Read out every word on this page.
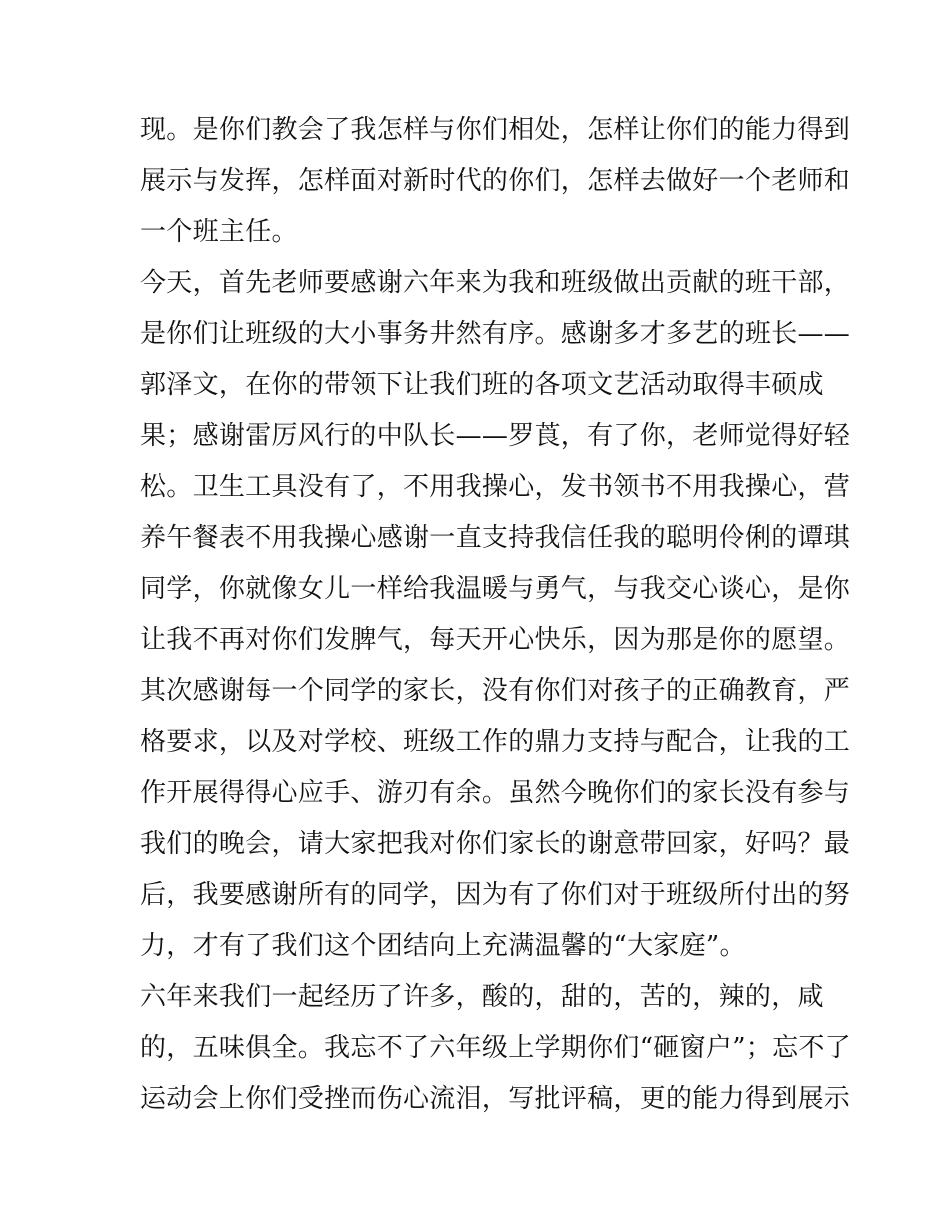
现。是你们教会了我怎样与你们相处，怎样让你们的能力得到
展示与发挥，怎样面对新时代的你们，怎样去做好一个老师和
一个班主任。
今天，首先老师要感谢六年来为我和班级做出贡献的班干部，
是你们让班级的大小事务井然有序。感谢多才多艺的班长——
郭泽文，在你的带领下让我们班的各项文艺活动取得丰硕成
果；感谢雷厉风行的中队长——罗莨，有了你，老师觉得好轻
松。卫生工具没有了，不用我操心，发书领书不用我操心，营
养午餐表不用我操心感谢一直支持我信任我的聪明伶俐的谭琪
同学，你就像女儿一样给我温暖与勇气，与我交心谈心，是你
让我不再对你们发脾气，每天开心快乐，因为那是你的愿望。
其次感谢每一个同学的家长，没有你们对孩子的正确教育，严
格要求，以及对学校、班级工作的鼎力支持与配合，让我的工
作开展得得心应手、游刃有余。虽然今晚你们的家长没有参与
我们的晚会，请大家把我对你们家长的谢意带回家，好吗？最
后，我要感谢所有的同学，因为有了你们对于班级所付出的努
力，才有了我们这个团结向上充满温馨的“大家庭”。
六年来我们一起经历了许多，酸的，甜的，苦的，辣的，咸
的，五味俱全。我忘不了六年级上学期你们“砸窗户”；忘不了
运动会上你们受挫而伤心流泪，写批评稿，更的能力得到展示
